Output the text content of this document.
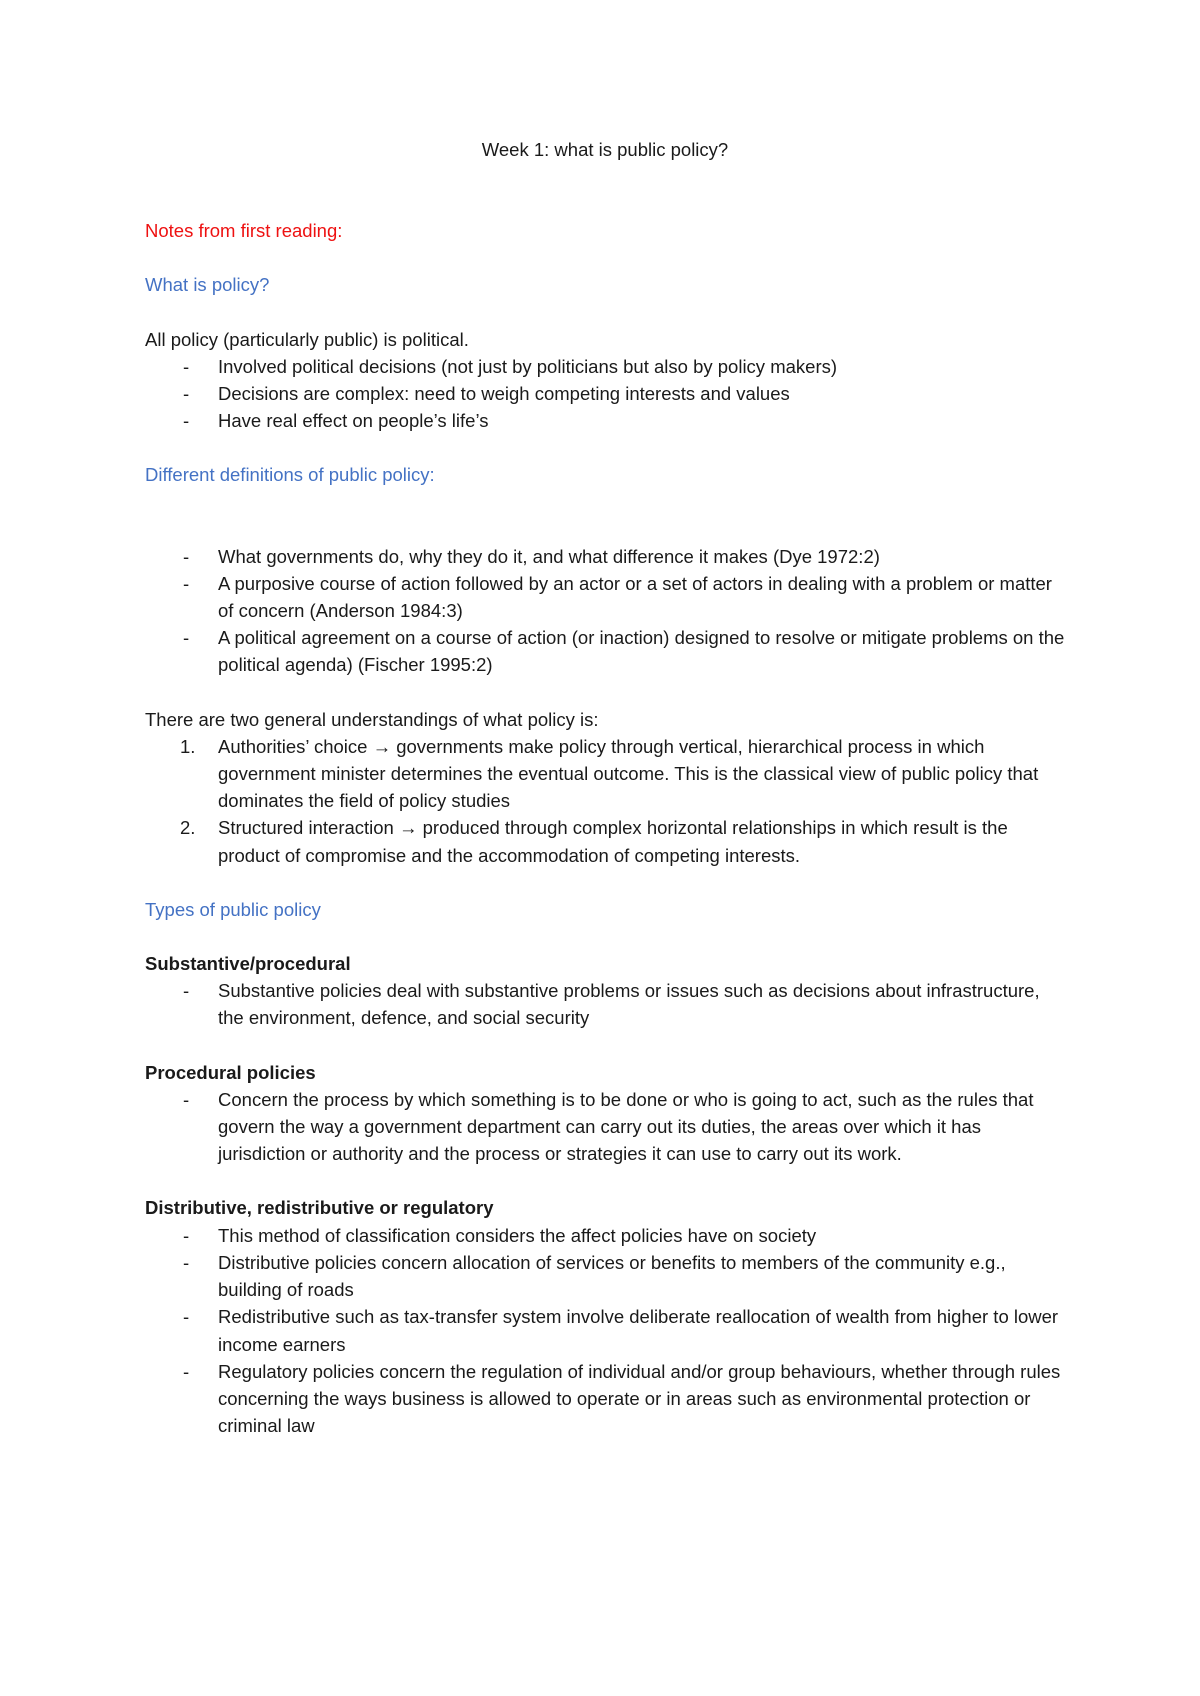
Week 1: what is public policy?

Notes from first reading:

What is policy?

All policy (particularly public) is political.

- Involved political decisions (not just by politicians but also by policy makers)
- Decisions are complex: need to weigh competing interests and values
- Have real effect on people’s life’s

Different definitions of public policy:

- What governments do, why they do it, and what difference it makes (Dye 1972:2)
- A purposive course of action followed by an actor or a set of actors in dealing with a problem or matter of concern (Anderson 1984:3)
- A political agreement on a course of action (or inaction) designed to resolve or mitigate problems on the political agenda) (Fischer 1995:2)

There are two general understandings of what policy is:

1. Authorities’ choice → governments make policy through vertical, hierarchical process in which government minister determines the eventual outcome. This is the classical view of public policy that dominates the field of policy studies
2. Structured interaction → produced through complex horizontal relationships in which result is the product of compromise and the accommodation of competing interests.

Types of public policy

Substantive/procedural

- Substantive policies deal with substantive problems or issues such as decisions about infrastructure, the environment, defence, and social security

Procedural policies

- Concern the process by which something is to be done or who is going to act, such as the rules that govern the way a government department can carry out its duties, the areas over which it has jurisdiction or authority and the process or strategies it can use to carry out its work.

Distributive, redistributive or regulatory

- This method of classification considers the affect policies have on society
- Distributive policies concern allocation of services or benefits to members of the community e.g., building of roads
- Redistributive such as tax-transfer system involve deliberate reallocation of wealth from higher to lower income earners
- Regulatory policies concern the regulation of individual and/or group behaviours, whether through rules concerning the ways business is allowed to operate or in areas such as environmental protection or criminal law
